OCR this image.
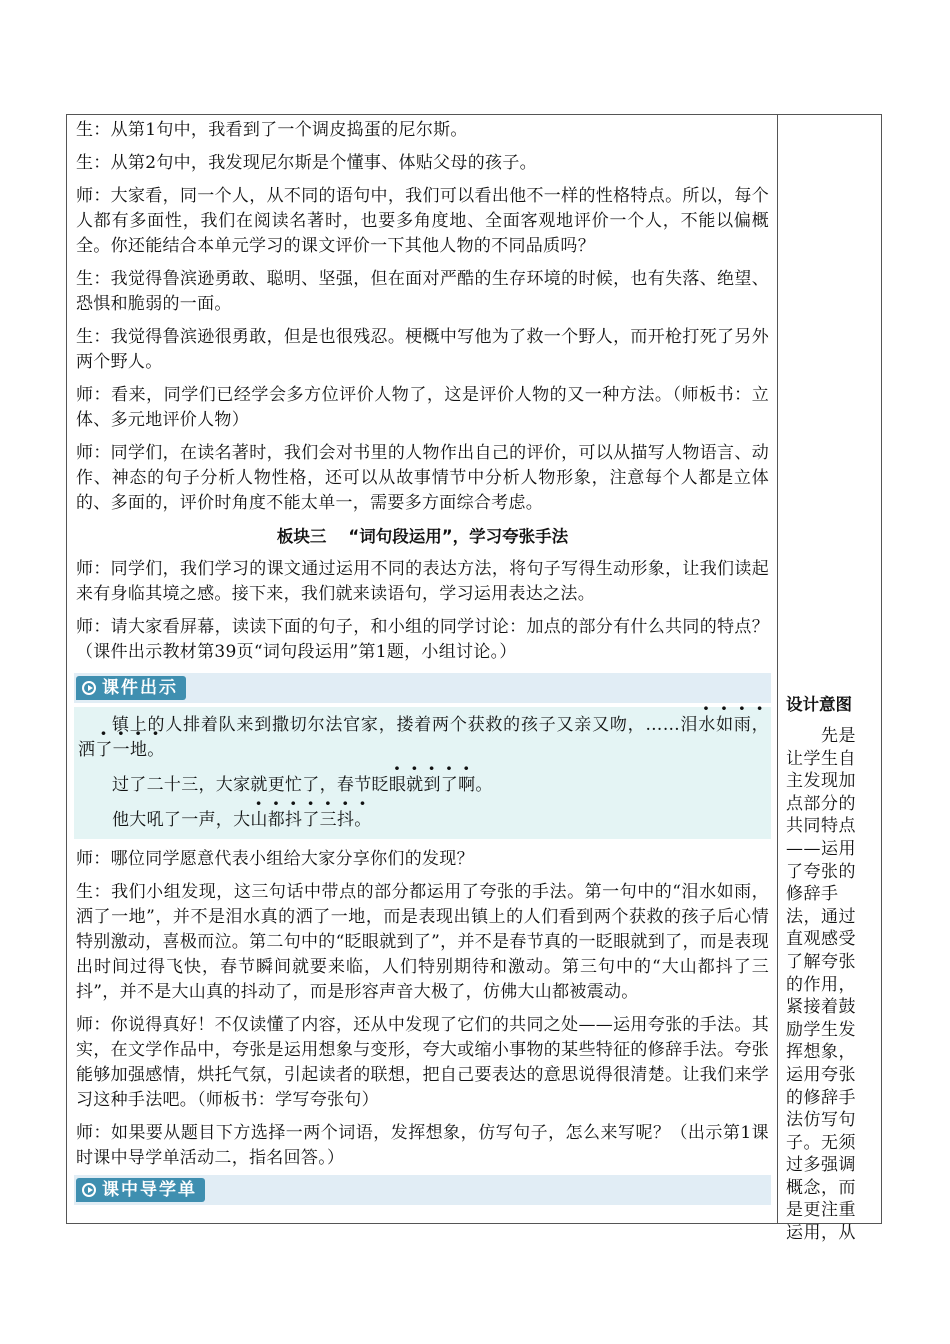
生：从第1句中，我看到了一个调皮捣蛋的尼尔斯。

生：从第2句中，我发现尼尔斯是个懂事、体贴父母的孩子。

师：大家看，同一个人，从不同的语句中，我们可以看出他不一样的性格特点。所以，每个人都有多面性，我们在阅读名著时，也要多角度地、全面客观地评价一个人，不能以偏概全。你还能结合本单元学习的课文评价一下其他人物的不同品质吗？

生：我觉得鲁滨逊勇敢、聪明、坚强，但在面对严酷的生存环境的时候，也有失落、绝望、恐惧和脆弱的一面。

生：我觉得鲁滨逊很勇敢，但是也很残忍。梗概中写他为了救一个野人，而开枪打死了另外两个野人。

师：看来，同学们已经学会多方位评价人物了，这是评价人物的又一种方法。（师板书：立体、多元地评价人物）

师：同学们，在读名著时，我们会对书里的人物作出自己的评价，可以从描写人物语言、动作、神态的句子分析人物性格，还可以从故事情节中分析人物形象，注意每个人都是立体的、多面的，评价时角度不能太单一，需要多方面综合考虑。

板块三 “词句段运用”，学习夸张手法

师：同学们，我们学习的课文通过运用不同的表达方法，将句子写得生动形象，让我们读起来有身临其境之感。接下来，我们就来读语句，学习运用表达之法。

师：请大家看屏幕，读读下面的句子，和小组的同学讨论：加点的部分有什么共同的特点？（课件出示教材第39页“词句段运用”第1题，小组讨论。）

课件出示

镇上的人排着队来到撒切尔法官家，搂着两个获救的孩子又亲又吻，……泪水如雨，洒了一地。

过了二十三，大家就更忙了，春节眨眼就到了啊。

他大吼了一声，大山都抖了三抖。

师：哪位同学愿意代表小组给大家分享你们的发现？

生：我们小组发现，这三句话中带点的部分都运用了夸张的手法。第一句中的“泪水如雨，洒了一地”，并不是泪水真的洒了一地，而是表现出镇上的人们看到两个获救的孩子后心情特别激动，喜极而泣。第二句中的“眨眼就到了”，并不是春节真的一眨眼就到了，而是表现出时间过得飞快，春节瞬间就要来临，人们特别期待和激动。第三句中的“大山都抖了三抖”，并不是大山真的抖动了，而是形容声音大极了，仿佛大山都被震动。

师：你说得真好！不仅读懂了内容，还从中发现了它们的共同之处——运用夸张的手法。其实，在文学作品中，夸张是运用想象与变形，夸大或缩小事物的某些特征的修辞手法。夸张能够加强感情，烘托气氛，引起读者的联想，把自己要表达的意思说得很清楚。让我们来学习这种手法吧。（师板书：学写夸张句）

师：如果要从题目下方选择一两个词语，发挥想象，仿写句子，怎么来写呢？（出示第1课时课中导学单活动二，指名回答。）

课中导学单
设计意图
　　先是让学生自主发现加点部分的共同特点——运用了夸张的修辞手法，通过直观感受了解夸张的作用，紧接着鼓励学生发挥想象，运用夸张的修辞手法仿写句子。无须过多强调概念，而是更注重运用，从
